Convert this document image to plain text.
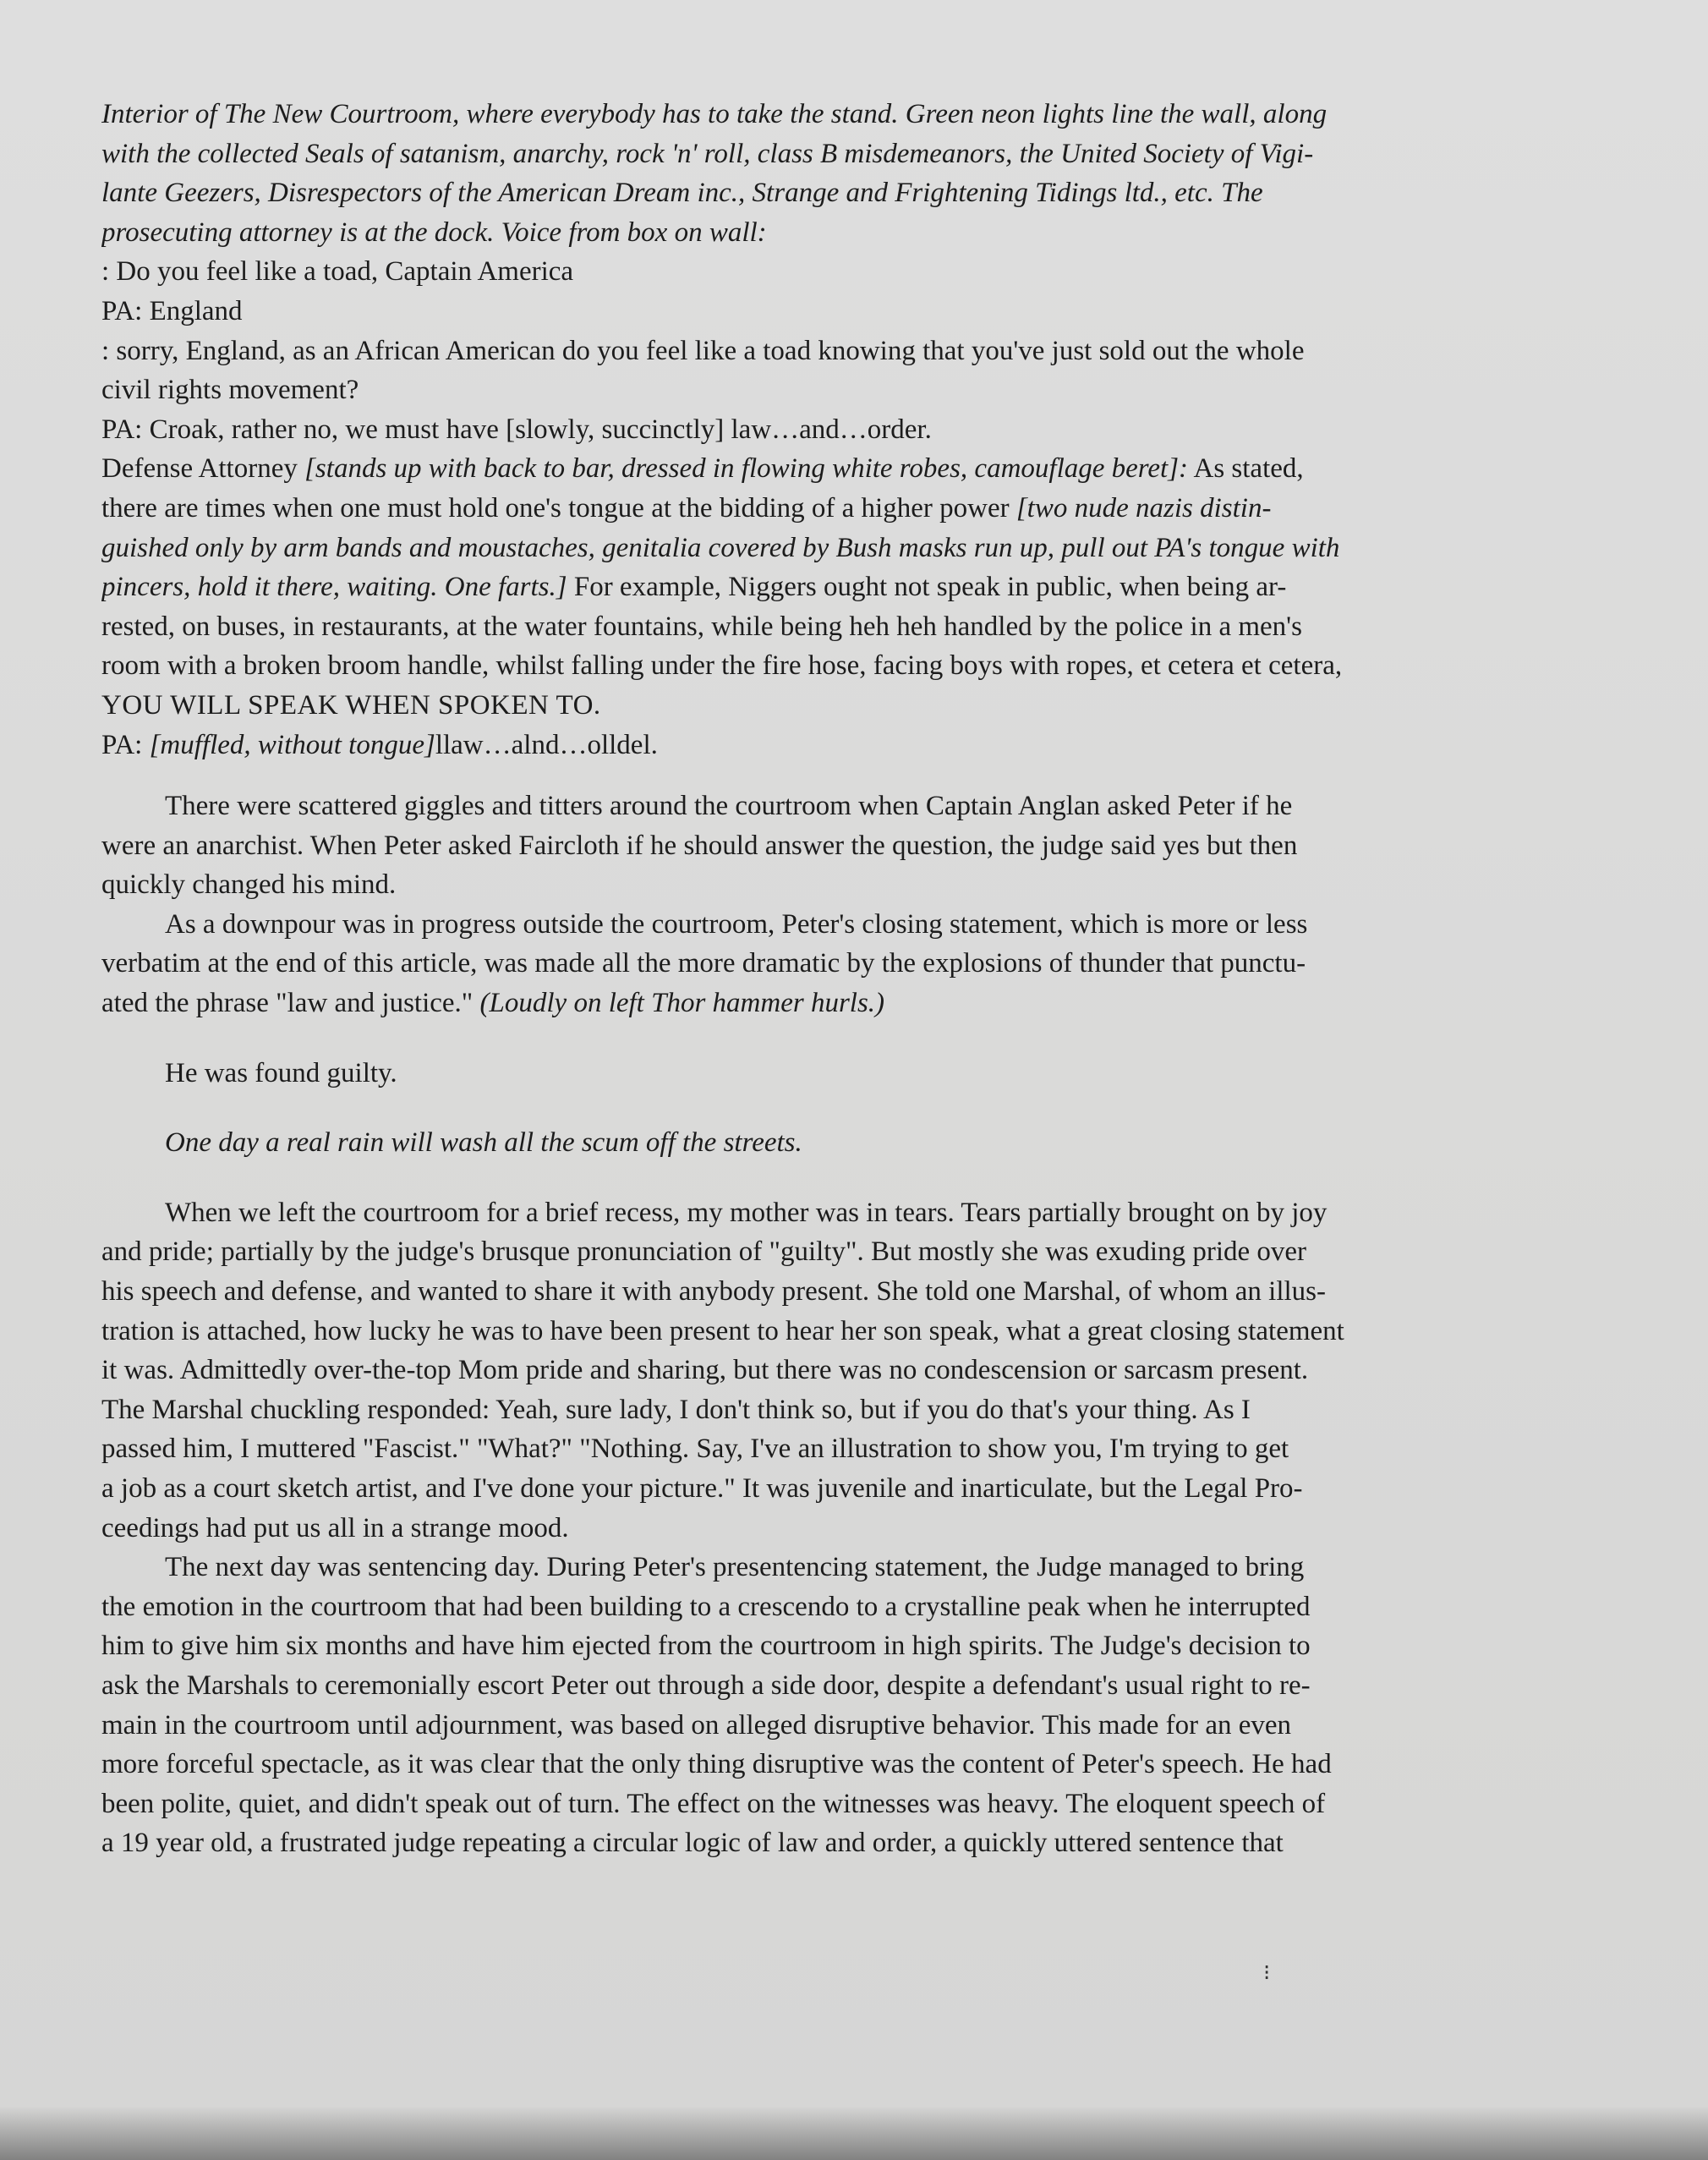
Interior of The New Courtroom, where everybody has to take the stand. Green neon lights line the wall, along
with the collected Seals of satanism, anarchy, rock 'n' roll, class B misdemeanors, the United Society of Vigi-
lante Geezers, Disrespectors of the American Dream inc., Strange and Frightening Tidings ltd., etc. The
prosecuting attorney is at the dock. Voice from box on wall:
: Do you feel like a toad, Captain America
PA: England
: sorry, England, as an African American do you feel like a toad knowing that you've just sold out the whole
civil rights movement?
PA: Croak, rather no, we must have [slowly, succinctly] law…and…order.
Defense Attorney [stands up with back to bar, dressed in flowing white robes, camouflage beret]: As stated,
there are times when one must hold one's tongue at the bidding of a higher power [two nude nazis distin-
guished only by arm bands and moustaches, genitalia covered by Bush masks run up, pull out PA's tongue with
pincers, hold it there, waiting. One farts.] For example, Niggers ought not speak in public, when being ar-
rested, on buses, in restaurants, at the water fountains, while being heh heh handled by the police in a men's
room with a broken broom handle, whilst falling under the fire hose, facing boys with ropes, et cetera et cetera,
YOU WILL SPEAK WHEN SPOKEN TO.
PA: [muffled, without tongue]llaw…alnd…olldel.
There were scattered giggles and titters around the courtroom when Captain Anglan asked Peter if he
were an anarchist. When Peter asked Faircloth if he should answer the question, the judge said yes but then
quickly changed his mind.
As a downpour was in progress outside the courtroom, Peter's closing statement, which is more or less
verbatim at the end of this article, was made all the more dramatic by the explosions of thunder that punctu-
ated the phrase "law and justice." (Loudly on left Thor hammer hurls.)
He was found guilty.
One day a real rain will wash all the scum off the streets.
When we left the courtroom for a brief recess, my mother was in tears. Tears partially brought on by joy
and pride; partially by the judge's brusque pronunciation of "guilty". But mostly she was exuding pride over
his speech and defense, and wanted to share it with anybody present. She told one Marshal, of whom an illus-
tration is attached, how lucky he was to have been present to hear her son speak, what a great closing statement
it was. Admittedly over-the-top Mom pride and sharing, but there was no condescension or sarcasm present.
The Marshal chuckling responded: Yeah, sure lady, I don't think so, but if you do that's your thing. As I
passed him, I muttered "Fascist." "What?" "Nothing. Say, I've an illustration to show you, I'm trying to get
a job as a court sketch artist, and I've done your picture." It was juvenile and inarticulate, but the Legal Pro-
ceedings had put us all in a strange mood.
The next day was sentencing day. During Peter's presentencing statement, the Judge managed to bring
the emotion in the courtroom that had been building to a crescendo to a crystalline peak when he interrupted
him to give him six months and have him ejected from the courtroom in high spirits. The Judge's decision to
ask the Marshals to ceremonially escort Peter out through a side door, despite a defendant's usual right to re-
main in the courtroom until adjournment, was based on alleged disruptive behavior. This made for an even
more forceful spectacle, as it was clear that the only thing disruptive was the content of Peter's speech. He had
been polite, quiet, and didn't speak out of turn. The effect on the witnesses was heavy. The eloquent speech of
a 19 year old, a frustrated judge repeating a circular logic of law and order, a quickly uttered sentence that
⁝
